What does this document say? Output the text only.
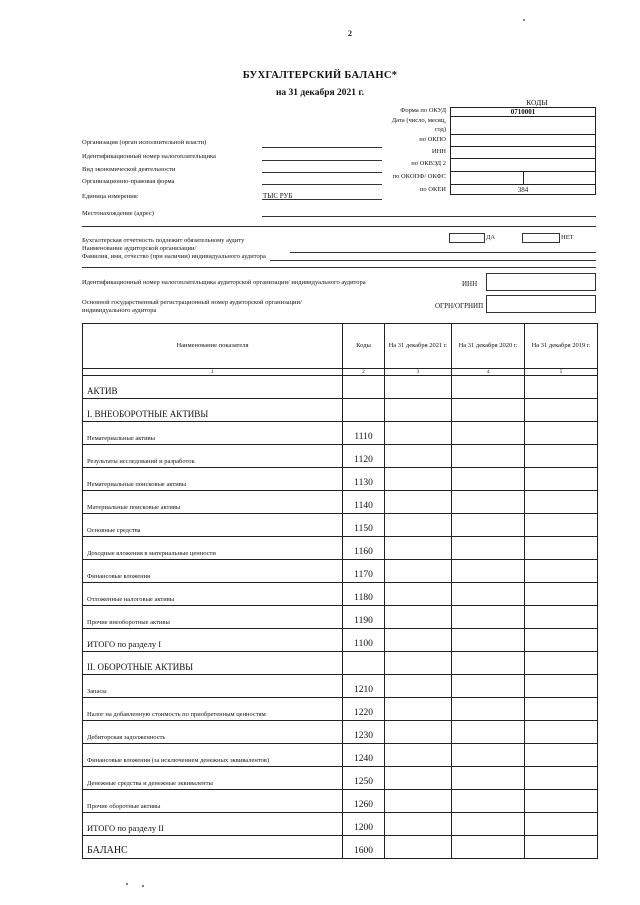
2
БУХГАЛТЕРСКИЙ БАЛАНС*
на 31 декабря 2021 г.
КОДЫ
0710001
384
Форма по ОКУД
Дата (число, месяц,
год)
по ОКПО
ИНН
по ОКВЭД 2
по ОКОПФ/ ОКФС
по ОКЕИ
Организация (орган исполнительной власти)
Идентификационный номер налогоплательщика
Вид экономической деятельности
Организационно-правовая форма
Единица измерения:	ТЫС РУБ
Местонахождение (адрес)
Бухгалтерская отчетность подлежит обязательному аудиту	ДА	НЕТ
Наименование аудиторской организации/
Фамилия, имя, отчество (при наличии) индивидуального аудитора
Идентификационный номер налогоплательщика аудиторской организации/ индивидуального аудитора	ИНН
Основной государственный регистрационный номер аудиторской организации/
индивидуального аудитора
ОГРН/ОГРНИП
Наименование показателя	Коды	На 31 декабря 2021 г.	На 31 декабря 2020 г.	На 31 декабря 2019 г.
1	2	3	4	5
АКТИВ				
I. ВНЕОБОРОТНЫЕ АКТИВЫ				
Нематериальные активы	1110			
Результаты исследований и разработок	1120			
Нематериальные поисковые активы	1130			
Материальные поисковые активы	1140			
Основные средства	1150			
Доходные вложения в материальные ценности	1160			
Финансовые вложения	1170			
Отложенные налоговые активы	1180			
Прочие внеоборотные активы	1190			
ИТОГО по разделу I	1100			
II. ОБОРОТНЫЕ АКТИВЫ				
Запасы	1210			
Налог на добавленную стоимость по приобретенным ценностям	1220			
Дебиторская задолженность	1230			
Финансовые вложения (за исключением денежных эквивалентов)	1240			
Денежные средства и денежные эквиваленты	1250			
Прочие оборотные активы	1260			
ИТОГО по разделу II	1200			
БАЛАНС	1600			
